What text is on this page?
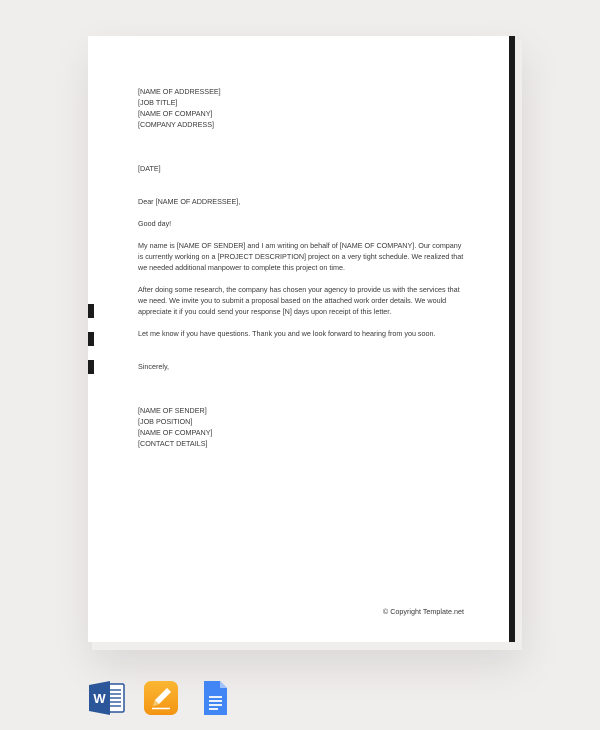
[NAME OF ADDRESSEE]
[JOB TITLE]
[NAME OF COMPANY]
[COMPANY ADDRESS]
[DATE]

Dear [NAME OF ADDRESSEE],

Good day!

My name is [NAME OF SENDER] and I am writing on behalf of [NAME OF COMPANY]. Our company is currently working on a [PROJECT DESCRIPTION] project on a very tight schedule. We realized that we needed additional manpower to complete this project on time.

After doing some research, the company has chosen your agency to provide us with the services that we need. We invite you to submit a proposal based on the attached work order details. We would appreciate it if you could send your response [N] days upon receipt of this letter.

Let me know if you have questions. Thank you and we look forward to hearing from you soon.

Sincerely,
[NAME OF SENDER]
[JOB POSITION]
[NAME OF COMPANY]
[CONTACT DETAILS]
© Copyright Template.net
W
